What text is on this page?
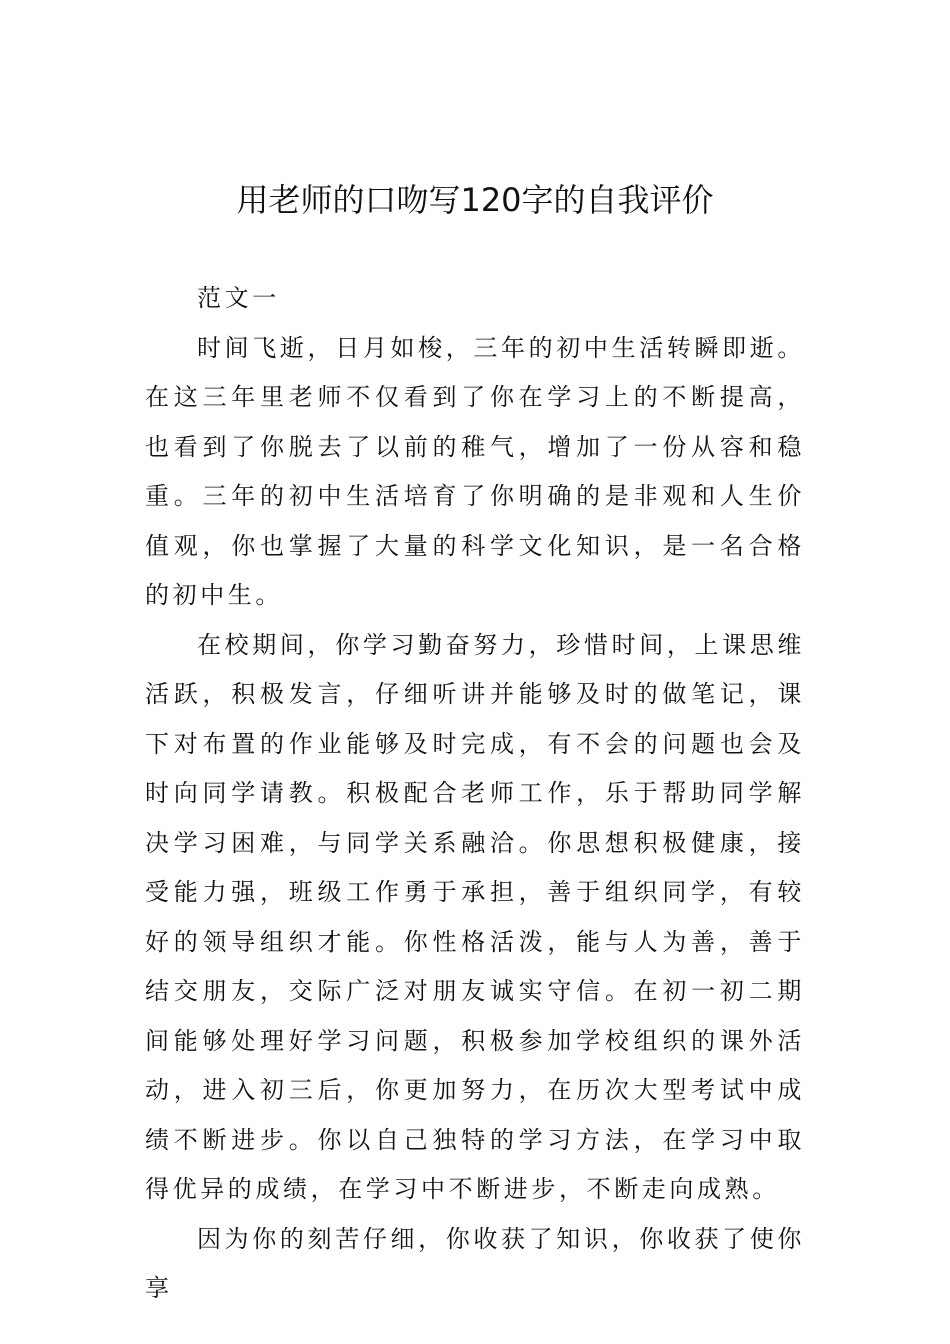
用老师的口吻写120字的自我评价

范文一

时间飞逝，日月如梭，三年的初中生活转瞬即逝。在这三年里老师不仅看到了你在学习上的不断提高，也看到了你脱去了以前的稚气，增加了一份从容和稳重。三年的初中生活培育了你明确的是非观和人生价值观，你也掌握了大量的科学文化知识，是一名合格的初中生。

在校期间，你学习勤奋努力，珍惜时间，上课思维活跃，积极发言，仔细听讲并能够及时的做笔记，课下对布置的作业能够及时完成，有不会的问题也会及时向同学请教。积极配合老师工作，乐于帮助同学解决学习困难，与同学关系融洽。你思想积极健康，接受能力强，班级工作勇于承担，善于组织同学，有较好的领导组织才能。你性格活泼，能与人为善，善于结交朋友，交际广泛对朋友诚实守信。在初一初二期间能够处理好学习问题，积极参加学校组织的课外活动，进入初三后，你更加努力，在历次大型考试中成绩不断进步。你以自己独特的学习方法，在学习中取得优异的成绩，在学习中不断进步，不断走向成熟。

因为你的刻苦仔细，你收获了知识，你收获了使你享
